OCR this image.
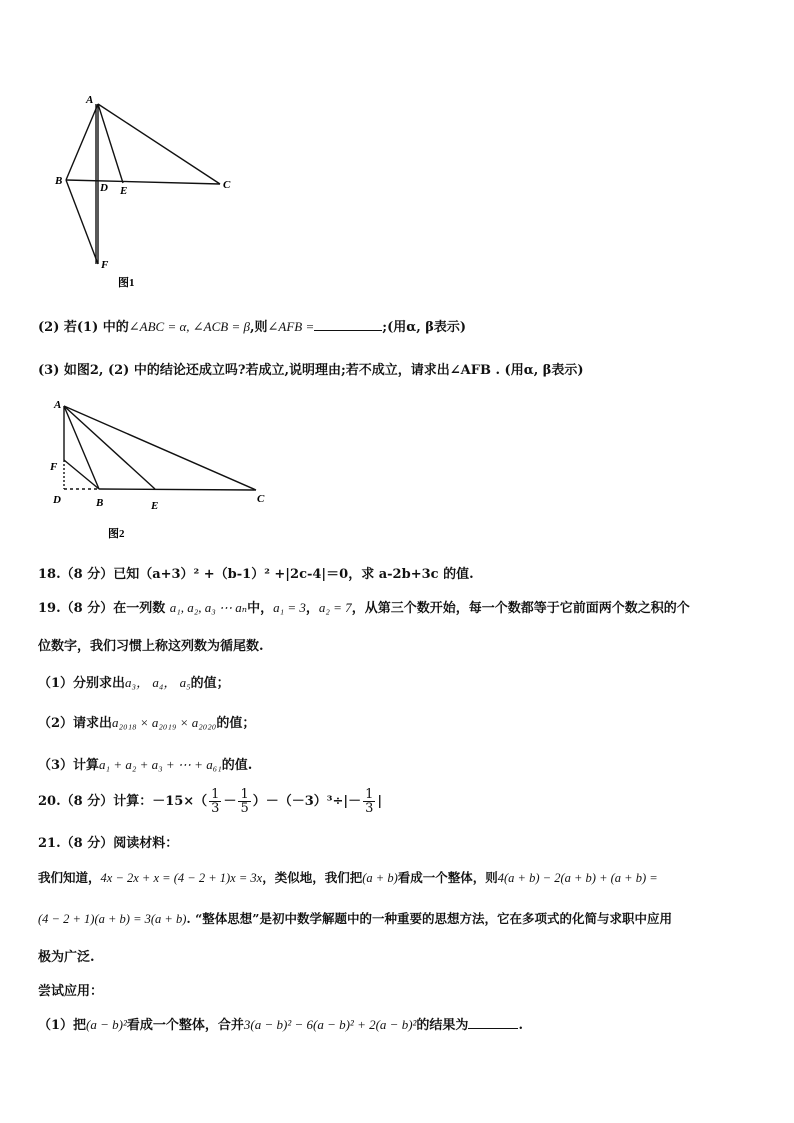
A
B	C
D E
F
图1
(2) 若(1) 中的∠ABC = α, ∠ACB = β,则∠AFB =	;(用α, β表示)
(3) 如图2, (2) 中的结论还成立吗?若成立,说明理由;若不成立，请求出∠AFB . (用α, β表示)
A
F
D	B	E
C
图2
18.（8 分）已知（a+3）² +（b-1）² +|2c-4|＝0，求 a-2b+3c 的值.
19.（8 分）在一列数 a₁, a₂, a₃ ⋯ aₙ中，a₁ = 3，a₂ = 7，从第三个数开始，每一个数都等于它前面两个数之积的个
位数字，我们习惯上称这列数为循尾数.
（1）分别求出a₃， a₄， a₅的值；
（2）请求出a₂₀₁₈ × a₂₀₁₉ × a₂₀₂₀的值；
（3）计算a₁ + a₂ + a₃ + ⋯ + a₆₁的值.
20.（8 分）计算：$-15\times( \frac{1}{3} - \frac{1}{5} )-(-3)^3\div|- \frac{1}{3}$ |
21.（8 分）阅读材料：
我们知道，4x − 2x + x = (4 − 2 + 1)x = 3x，类似地，我们把(a + b)看成一个整体，则4(a + b) − 2(a + b) + (a + b) =
(4 − 2 + 1)(a + b) = 3(a + b). “整体思想”是初中数学解题中的一种重要的思想方法，它在多项式的化简与求职中应用
极为广泛.
尝试应用：
（1）把(a − b)²看成一个整体，合并3(a − b)² − 6(a − b)² + 2(a − b)²的结果为	.
